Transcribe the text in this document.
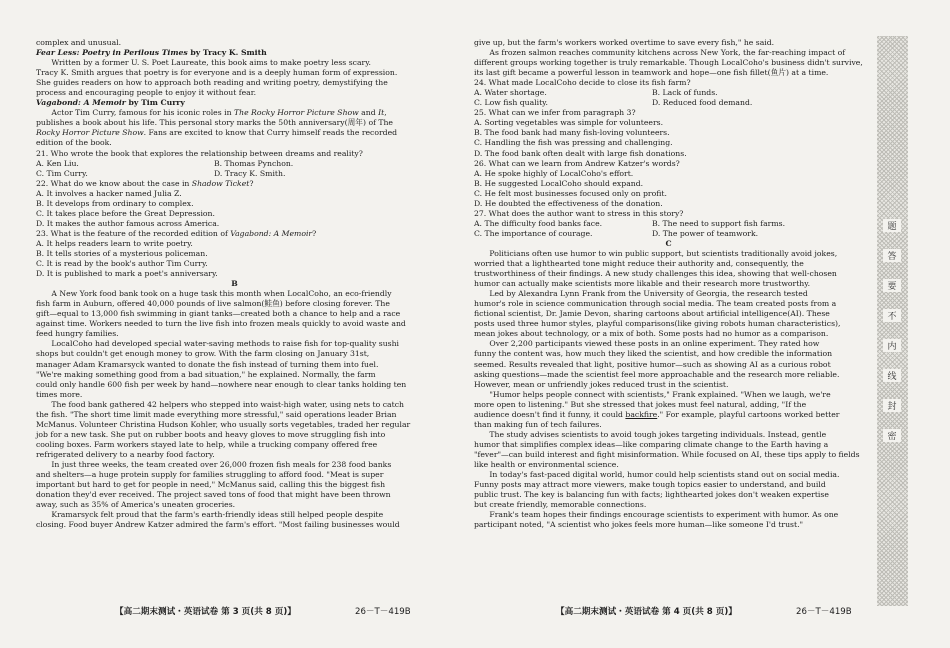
complex and unusual.

Fear Less: Poetry in Perilous Times by Tracy K. Smith

Written by a former U. S. Poet Laureate, this book aims to make poetry less scary.

Tracy K. Smith argues that poetry is for everyone and is a deeply human form of expression.

She guides readers on how to approach both reading and writing poetry, demystifying the

process and encouraging people to enjoy it without fear.

Vagabond: A Memoir by Tim Curry

Actor Tim Curry, famous for his iconic roles in The Rocky Horror Picture Show and It,

publishes a book about his life. This personal story marks the 50th anniversary(周年) of The

Rocky Horror Picture Show. Fans are excited to know that Curry himself reads the recorded

edition of the book.

21. Who wrote the book that explores the relationship between dreams and reality?

A. Ken Liu.	B. Thomas Pynchon.
C. Tim Curry.	D. Tracy K. Smith.

22. What do we know about the case in Shadow Ticket?

A. It involves a hacker named Julia Z.

B. It develops from ordinary to complex.

C. It takes place before the Great Depression.

D. It makes the author famous across America.

23. What is the feature of the recorded edition of Vagabond: A Memoir?

A. It helps readers learn to write poetry.

B. It tells stories of a mysterious policeman.

C. It is read by the book's author Tim Curry.

D. It is published to mark a poet's anniversary.

B

A New York food bank took on a huge task this month when LocalCoho, an eco-friendly

fish farm in Auburn, offered 40,000 pounds of live salmon(鲑鱼) before closing forever. The

gift—equal to 13,000 fish swimming in giant tanks—created both a chance to help and a race

against time. Workers needed to turn the live fish into frozen meals quickly to avoid waste and

feed hungry families.

LocalCoho had developed special water-saving methods to raise fish for top-quality sushi

shops but couldn't get enough money to grow. With the farm closing on January 31st,

manager Adam Kramarsyck wanted to donate the fish instead of turning them into fuel.

"We're making something good from a bad situation," he explained. Normally, the farm

could only handle 600 fish per week by hand—nowhere near enough to clear tanks holding ten

times more.

The food bank gathered 42 helpers who stepped into waist-high water, using nets to catch

the fish. "The short time limit made everything more stressful," said operations leader Brian

McManus. Volunteer Christina Hudson Kohler, who usually sorts vegetables, traded her regular

job for a new task. She put on rubber boots and heavy gloves to move struggling fish into

cooling boxes. Farm workers stayed late to help, while a trucking company offered free

refrigerated delivery to a nearby food factory.

In just three weeks, the team created over 26,000 frozen fish meals for 238 food banks

and shelters—a huge protein supply for families struggling to afford food. "Meat is super

important but hard to get for people in need," McManus said, calling this the biggest fish

donation they'd ever received. The project saved tons of food that might have been thrown

away, such as 35% of America's uneaten groceries.

Kramarsyck felt proud that the farm's earth-friendly ideas still helped people despite

closing. Food buyer Andrew Katzer admired the farm's effort. "Most failing businesses would

【高二期末测试・英语试卷 第 3 页(共 8 页)】	26－T－419B

give up, but the farm's workers worked overtime to save every fish," he said.

As frozen salmon reaches community kitchens across New York, the far-reaching impact of

different groups working together is truly remarkable. Though LocalCoho's business didn't survive,

its last gift became a powerful lesson in teamwork and hope—one fish fillet(鱼片) at a time.

24. What made LocalCoho decide to close its fish farm?

A. Water shortage.	B. Lack of funds.
C. Low fish quality.	D. Reduced food demand.

25. What can we infer from paragraph 3?

A. Sorting vegetables was simple for volunteers.

B. The food bank had many fish-loving volunteers.

C. Handling the fish was pressing and challenging.

D. The food bank often dealt with large fish donations.

26. What can we learn from Andrew Katzer's words?

A. He spoke highly of LocalCoho's effort.

B. He suggested LocalCoho should expand.

C. He felt most businesses focused only on profit.

D. He doubted the effectiveness of the donation.

27. What does the author want to stress in this story?

A. The difficulty food banks face.	B. The need to support fish farms.
C. The importance of courage.	D. The power of teamwork.

C

Politicians often use humor to win public support, but scientists traditionally avoid jokes,

worried that a lighthearted tone might reduce their authority and, consequently, the

trustworthiness of their findings. A new study challenges this idea, showing that well-chosen

humor can actually make scientists more likable and their research more trustworthy.

Led by Alexandra Lynn Frank from the University of Georgia, the research tested

humor's role in science communication through social media. The team created posts from a

fictional scientist, Dr. Jamie Devon, sharing cartoons about artificial intelligence(AI). These

posts used three humor styles, playful comparisons(like giving robots human characteristics),

mean jokes about technology, or a mix of both. Some posts had no humor as a comparison.

Over 2,200 participants viewed these posts in an online experiment. They rated how

funny the content was, how much they liked the scientist, and how credible the information

seemed. Results revealed that light, positive humor—such as showing AI as a curious robot

asking questions—made the scientist feel more approachable and the research more reliable.

However, mean or unfriendly jokes reduced trust in the scientist.

"Humor helps people connect with scientists," Frank explained. "When we laugh, we're

more open to listening." But she stressed that jokes must feel natural, adding, "If the

audience doesn't find it funny, it could backfire." For example, playful cartoons worked better

than making fun of tech failures.

The study advises scientists to avoid tough jokes targeting individuals. Instead, gentle

humor that simplifies complex ideas—like comparing climate change to the Earth having a

"fever"—can build interest and fight misinformation. While focused on AI, these tips apply to fields

like health or environmental science.

In today's fast-paced digital world, humor could help scientists stand out on social media.

Funny posts may attract more viewers, make tough topics easier to understand, and build

public trust. The key is balancing fun with facts; lighthearted jokes don't weaken expertise

but create friendly, memorable connections.

Frank's team hopes their findings encourage scientists to experiment with humor. As one

participant noted, "A scientist who jokes feels more human—like someone I'd trust."

【高二期末测试・英语试卷 第 4 页(共 8 页)】	26－T－419B
题
答
要
不
内
线
封
密
